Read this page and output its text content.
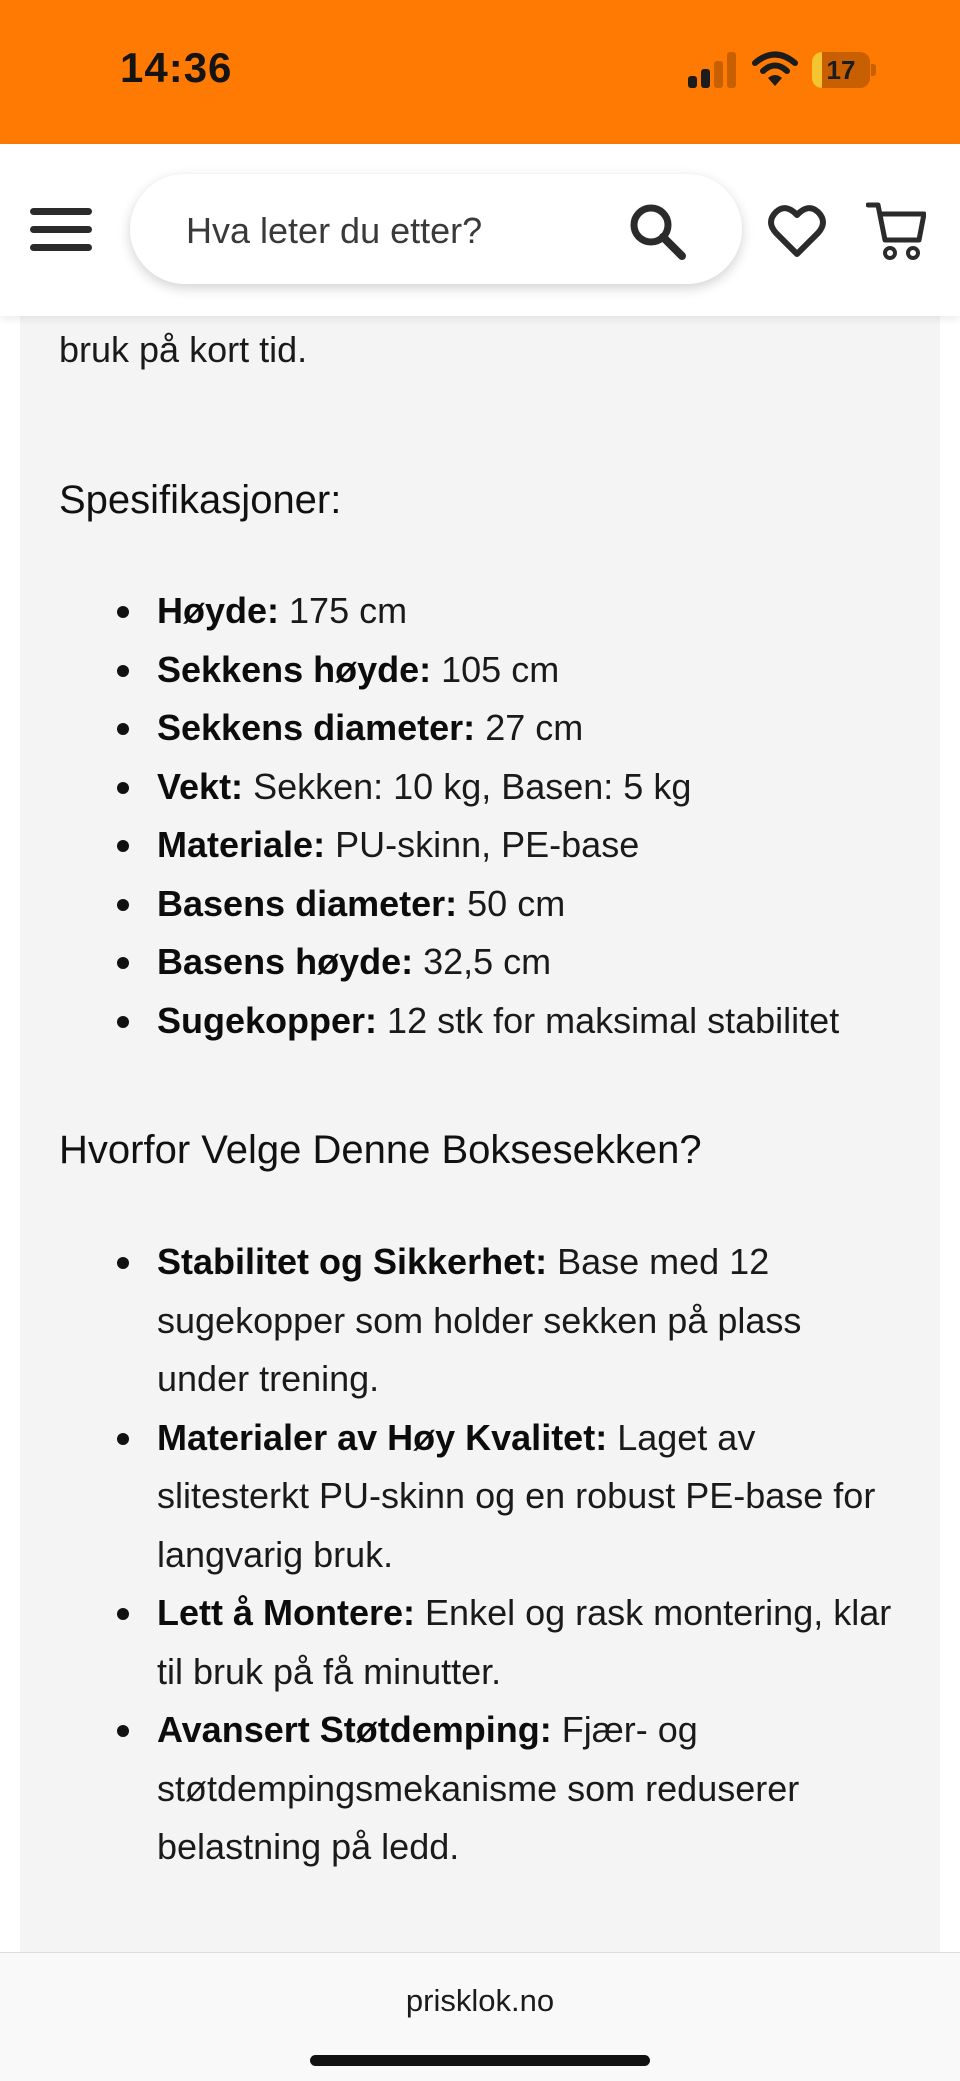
14:36	17
Hva leter du etter?
bruk på kort tid.
Spesifikasjoner:
Høyde: 175 cm
Sekkens høyde: 105 cm
Sekkens diameter: 27 cm
Vekt: Sekken: 10 kg, Basen: 5 kg
Materiale: PU-skinn, PE-base
Basens diameter: 50 cm
Basens høyde: 32,5 cm
Sugekopper: 12 stk for maksimal stabilitet
Hvorfor Velge Denne Boksesekken?
Stabilitet og Sikkerhet: Base med 12 sugekopper som holder sekken på plass under trening.
Materialer av Høy Kvalitet: Laget av slitesterkt PU-skinn og en robust PE-base for langvarig bruk.
Lett å Montere: Enkel og rask montering, klar til bruk på få minutter.
Avansert Støtdemping: Fjær- og støtdempingsmekanisme som reduserer belastning på ledd.
prisklok.no
